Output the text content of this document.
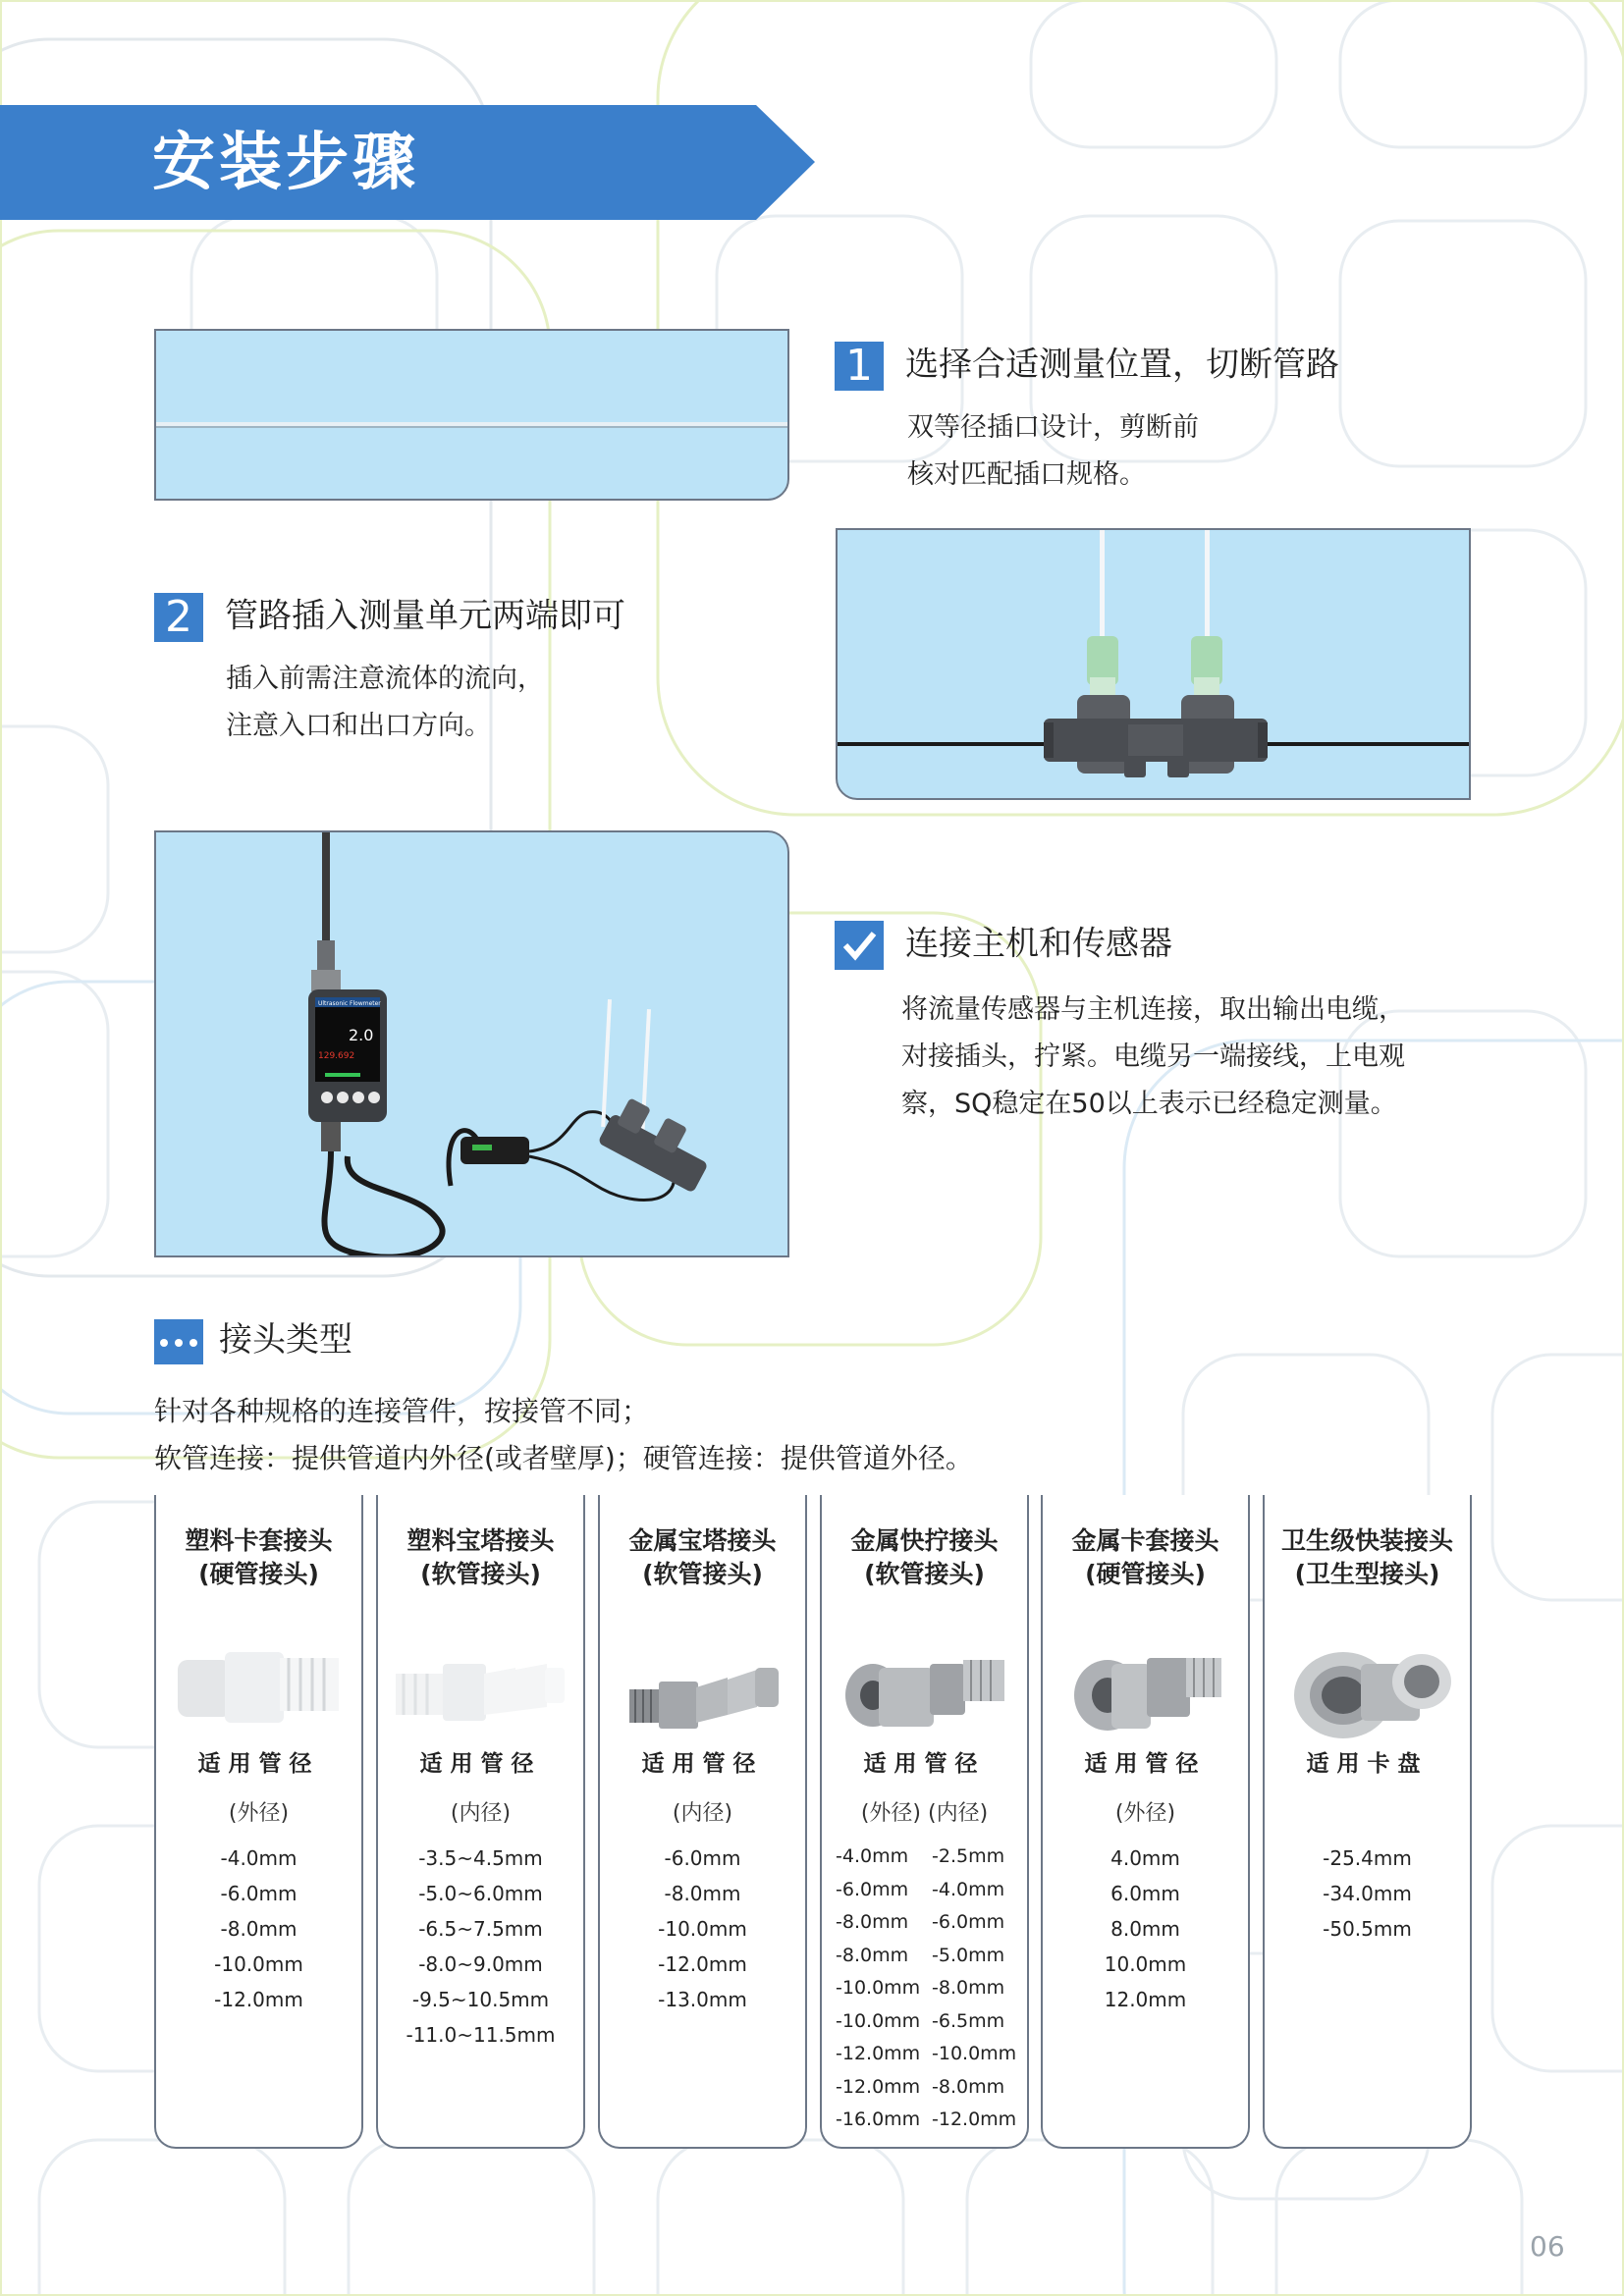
安装步骤
1 选择合适测量位置，切断管路
双等径插口设计，剪断前
核对匹配插口规格。
2 管路插入测量单元两端即可
插入前需注意流体的流向，
注意入口和出口方向。
Ultrasonic Flowmeter
2.0
129.692
连接主机和传感器
将流量传感器与主机连接，取出输出电缆，
对接插头，拧紧。电缆另一端接线，上电观
察，SQ稳定在50以上表示已经稳定测量。
接头类型
针对各种规格的连接管件，按接管不同；
软管连接：提供管道内外径(或者壁厚)；硬管连接：提供管道外径。
塑料卡套接头
(硬管接头)
适用管径
(外径)
-4.0mm
-6.0mm
-8.0mm
-10.0mm
-12.0mm
塑料宝塔接头
(软管接头)
适用管径
(内径)
-3.5~4.5mm
-5.0~6.0mm
-6.5~7.5mm
-8.0~9.0mm
-9.5~10.5mm
-11.0~11.5mm
金属宝塔接头
(软管接头)
适用管径
(内径)
-6.0mm
-8.0mm
-10.0mm
-12.0mm
-13.0mm
金属快拧接头
(软管接头)
适用管径
(外径) (内径)
-4.0mm
-6.0mm
-8.0mm
-8.0mm
-10.0mm
-10.0mm
-12.0mm
-12.0mm
-16.0mm
-2.5mm
-4.0mm
-6.0mm
-5.0mm
-8.0mm
-6.5mm
-10.0mm
-8.0mm
-12.0mm
金属卡套接头
(硬管接头)
适用管径
(外径)
4.0mm
6.0mm
8.0mm
10.0mm
12.0mm
卫生级快装接头
(卫生型接头)
适用卡盘
-25.4mm
-34.0mm
-50.5mm
06
